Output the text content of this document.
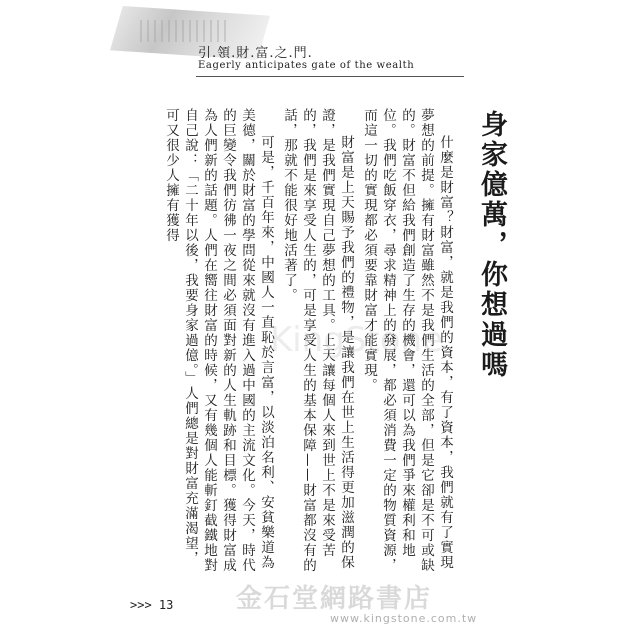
引.領.財.富.之.門.
Eagerly anticipates gate of the wealth
身家億萬，你想過嗎

什麼是財富？財富，就是我們的資本，有了資本，我們就有了實現夢想的前提。擁有財富雖然不是我們生活的全部，但是它卻是不可或缺的。財富不但給我們創造了生存的機會，還可以為我們爭來權利和地位。我們吃飯穿衣，尋求精神上的發展，都必須消費一定的物質資源，而這一切的實現都必須要靠財富才能實現。

財富是上天賜予我們的禮物，是讓我們在世上生活得更加滋潤的保證，是我們實現自己夢想的工具。上天讓每個人來到世上不是來受苦的，我們是來享受人生的，可是享受人生的基本保障——財富都沒有的話，那就不能很好地活著了。

可是，千百年來，中國人一直恥於言富，以淡泊名利、安貧樂道為美德，關於財富的學問從來就沒有進入過中國的主流文化。今天，時代的巨變令我們彷彿一夜之間必須面對新的人生軌跡和目標。獲得財富成為人們新的話題。人們在嚮往財富的時候，又有幾個人能斬釘截鐵地對自己說：「二十年以後，我要身家過億。」人們總是對財富充滿渴望，可又很少人擁有獲得

KingStone
>>> 13 金石堂網路書店
www.kingstone.com.tw
